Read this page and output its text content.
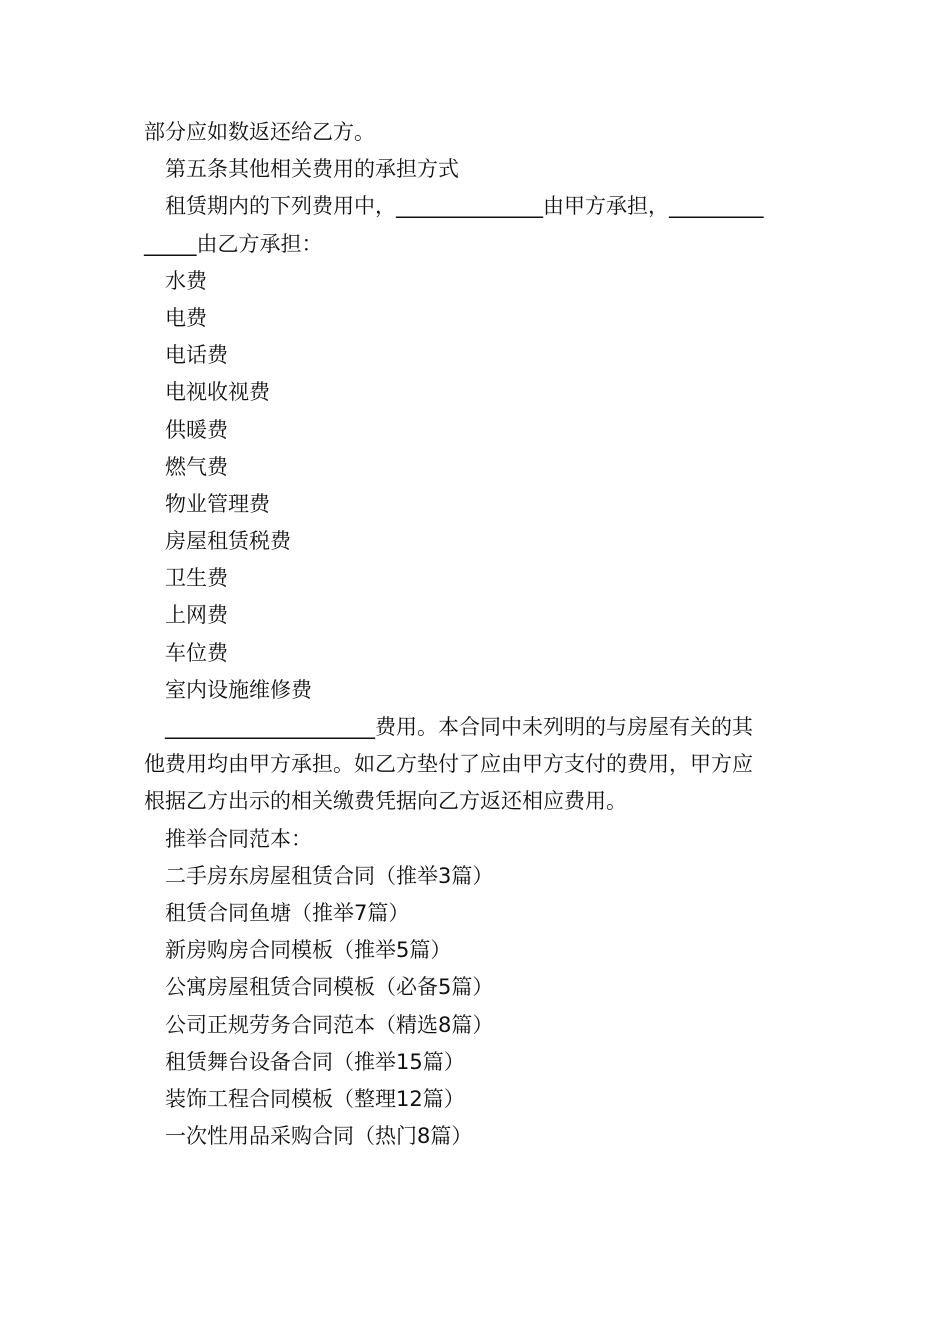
部分应如数返还给乙方。
第五条其他相关费用的承担方式
租赁期内的下列费用中，______________由甲方承担，_________
_____由乙方承担：
水费
电费
电话费
电视收视费
供暖费
燃气费
物业管理费
房屋租赁税费
卫生费
上网费
车位费
室内设施维修费
____________________费用。本合同中未列明的与房屋有关的其
他费用均由甲方承担。如乙方垫付了应由甲方支付的费用，甲方应
根据乙方出示的相关缴费凭据向乙方返还相应费用。
推举合同范本：
二手房东房屋租赁合同（推举3篇）
租赁合同鱼塘（推举7篇）
新房购房合同模板（推举5篇）
公寓房屋租赁合同模板（必备5篇）
公司正规劳务合同范本（精选8篇）
租赁舞台设备合同（推举15篇）
装饰工程合同模板（整理12篇）
一次性用品采购合同（热门8篇）
